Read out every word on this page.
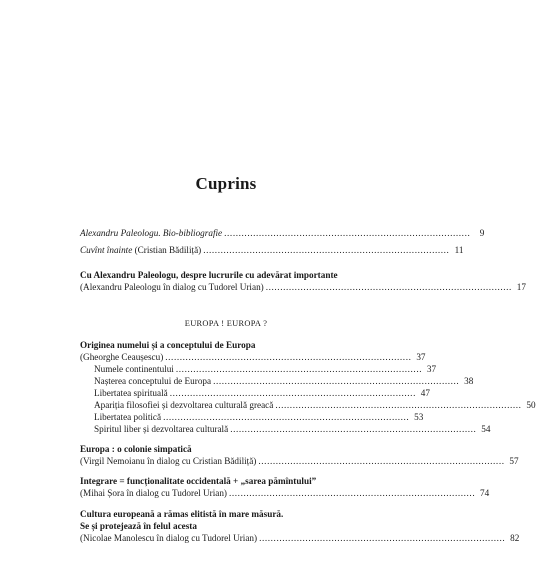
Cuprins
Alexandru Paleologu. Bio-bibliografie .....................................................................................	9
Cuvînt înainte (Cristian Bădiliță) ..................................................................................... 11
Cu Alexandru Paleologu, despre lucrurile cu adevărat importante
(Alexandru Paleologu în dialog cu Tudorel Urian) ..................................................................................... 17
EUROPA ! EUROPA ?
Originea numelui și a conceptului de Europa
(Gheorghe Ceaușescu) ..................................................................................... 37
Numele continentului ..................................................................................... 37
Nașterea conceptului de Europa ..................................................................................... 38
Libertatea spirituală ..................................................................................... 47
Apariția filosofiei și dezvoltarea culturală greacă ..................................................................................... 50
Libertatea politică ..................................................................................... 53
Spiritul liber și dezvoltarea culturală ..................................................................................... 54
Europa : o colonie simpatică
(Virgil Nemoianu în dialog cu Cristian Bădiliță) ..................................................................................... 57
Integrare = funcționalitate occidentală + „sarea pămîntului”
(Mihai Șora în dialog cu Tudorel Urian) ..................................................................................... 74
Cultura europeană a rămas elitistă în mare măsură.
Se și protejează în felul acesta
(Nicolae Manolescu în dialog cu Tudorel Urian) ..................................................................................... 82
